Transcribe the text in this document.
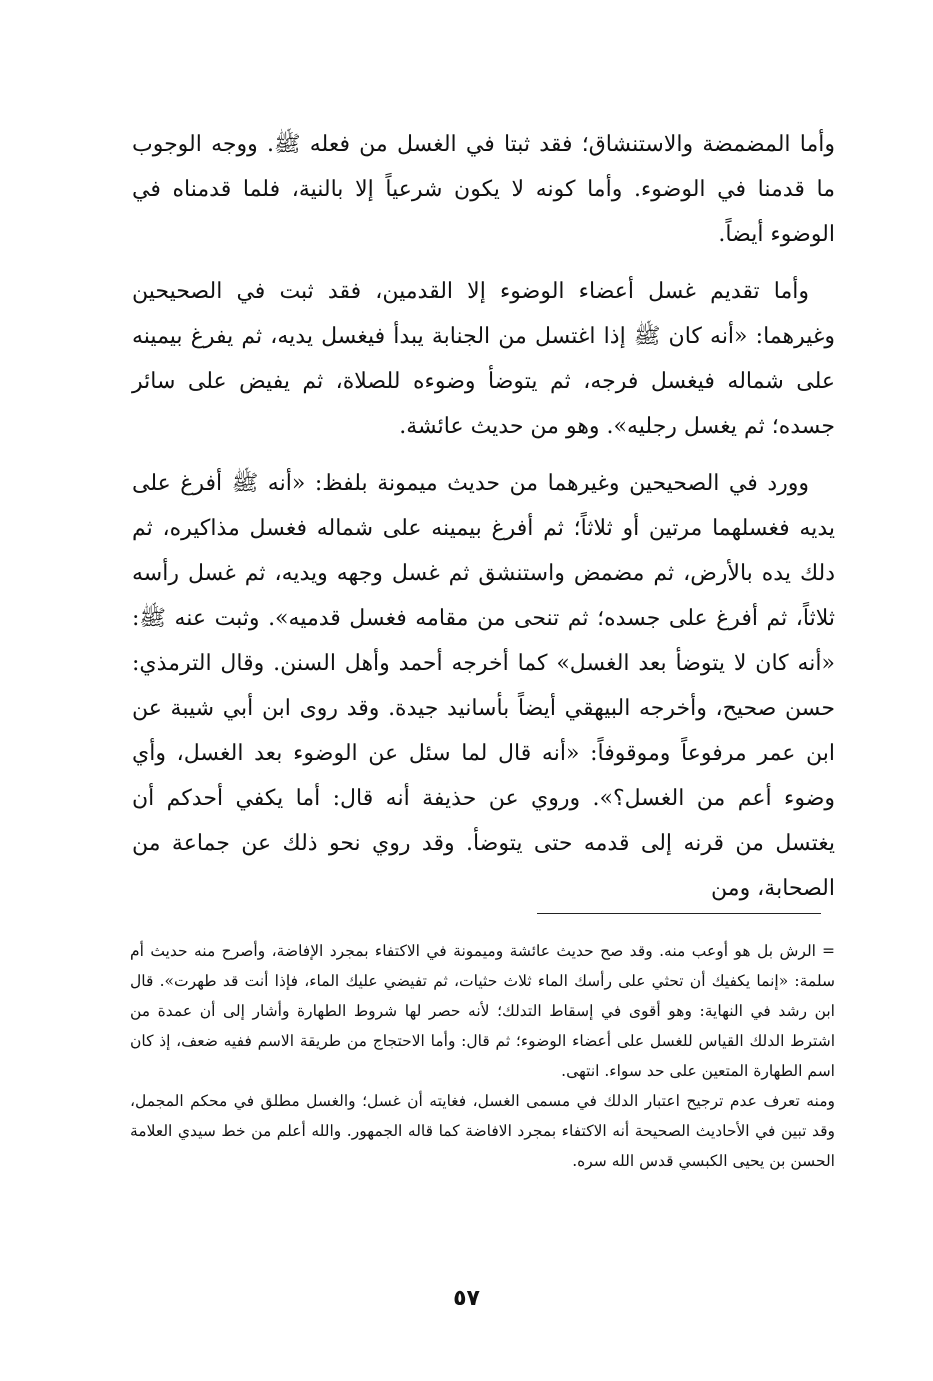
وأما المضمضة والاستنشاق؛ فقد ثبتا في الغسل من فعله ﷺ. ووجه الوجوب ما قدمنا في الوضوء. وأما كونه لا يكون شرعياً إلا بالنية، فلما قدمناه في الوضوء أيضاً.

وأما تقديم غسل أعضاء الوضوء إلا القدمين، فقد ثبت في الصحيحين وغيرهما: «أنه كان ﷺ إذا اغتسل من الجنابة يبدأ فيغسل يديه، ثم يفرغ بيمينه على شماله فيغسل فرجه، ثم يتوضأ وضوءه للصلاة، ثم يفيض على سائر جسده؛ ثم يغسل رجليه». وهو من حديث عائشة.

وورد في الصحيحين وغيرهما من حديث ميمونة بلفظ: «أنه ﷺ أفرغ على يديه فغسلهما مرتين أو ثلاثاً؛ ثم أفرغ بيمينه على شماله فغسل مذاكيره، ثم دلك يده بالأرض، ثم مضمض واستنشق ثم غسل وجهه ويديه، ثم غسل رأسه ثلاثاً، ثم أفرغ على جسده؛ ثم تنحى من مقامه فغسل قدميه». وثبت عنه ﷺ: «أنه كان لا يتوضأ بعد الغسل» كما أخرجه أحمد وأهل السنن. وقال الترمذي: حسن صحيح، وأخرجه البيهقي أيضاً بأسانيد جيدة. وقد روى ابن أبي شيبة عن ابن عمر مرفوعاً وموقوفاً: «أنه قال لما سئل عن الوضوء بعد الغسل، وأي وضوء أعم من الغسل؟». وروي عن حذيفة أنه قال: أما يكفي أحدكم أن يغتسل من قرنه إلى قدمه حتى يتوضأ. وقد روي نحو ذلك عن جماعة من الصحابة، ومن

=الرش بل هو أوعب منه. وقد صح حديث عائشة وميمونة في الاكتفاء بمجرد الإفاضة، وأصرح منه حديث أم سلمة: «إنما يكفيك أن تحثي على رأسك الماء ثلاث حثيات، ثم تفيضي عليك الماء، فإذا أنت قد طهرت». قال ابن رشد في النهاية: وهو أقوى في إسقاط التدلك؛ لأنه حصر لها شروط الطهارة وأشار إلى أن عمدة من اشترط الدلك القياس للغسل على أعضاء الوضوء؛ ثم قال: وأما الاحتجاج من طريقة الاسم ففيه ضعف، إذ كان اسم الطهارة المتعين على حد سواء. انتهى.

ومنه تعرف عدم ترجيح اعتبار الدلك في مسمى الغسل، فغايته أن غسل؛ والغسل مطلق في محكم المجمل، وقد تبين في الأحاديث الصحيحة أنه الاكتفاء بمجرد الافاضة كما قاله الجمهور. والله أعلم من خط سيدي العلامة الحسن بن يحيى الكبسي قدس الله سره.

٥٧
